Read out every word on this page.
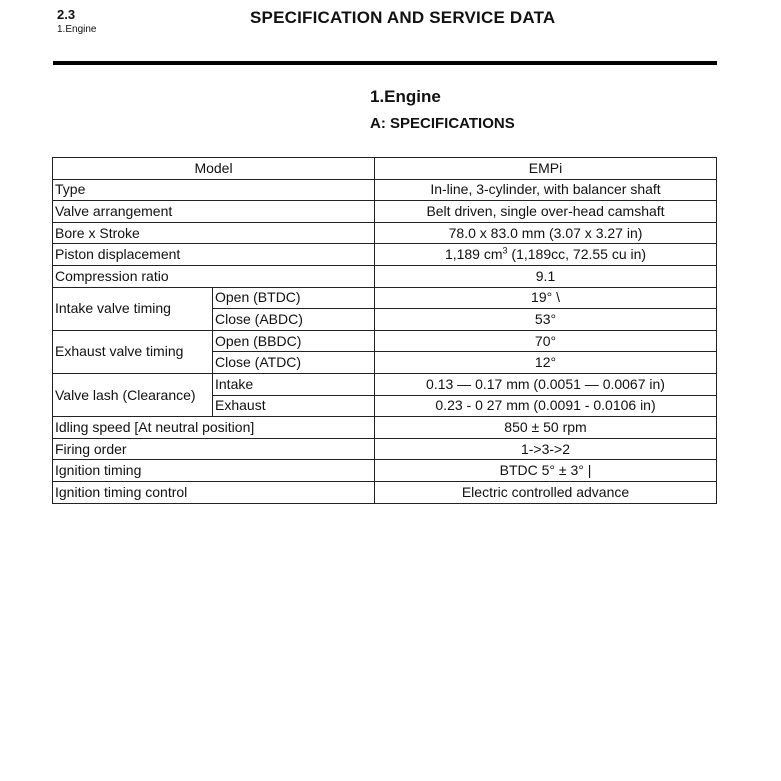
2.3
1.Engine
SPECIFICATION AND SERVICE DATA
1.Engine
A: SPECIFICATIONS
Model		EMPi
Type		In-line, 3-cylinder, with balancer shaft
Valve arrangement		Belt driven, single over-head camshaft
Bore x Stroke		78.0 x 83.0 mm (3.07 x 3.27 in)
Piston displacement		1,189 $cm^3$ (1,189cc, 72.55 cu in)
Compression ratio		9.1
Intake valve timing	Open (BTDC)	19° \
	Close (ABDC)	53°
Exhaust valve timing	Open (BBDC)	70°
	Close (ATDC)	12°
Valve lash (Clearance)	Intake	0.13 — 0.17 mm (0.0051 — 0.0067 in)
	Exhaust	0.23 - 0 27 mm (0.0091 - 0.0106 in)
Idling speed [At neutral position]		850 ± 50 rpm
Firing order		1->3->2
Ignition timing		BTDC 5° ± 3° |
Ignition timing control		Electric controlled advance
